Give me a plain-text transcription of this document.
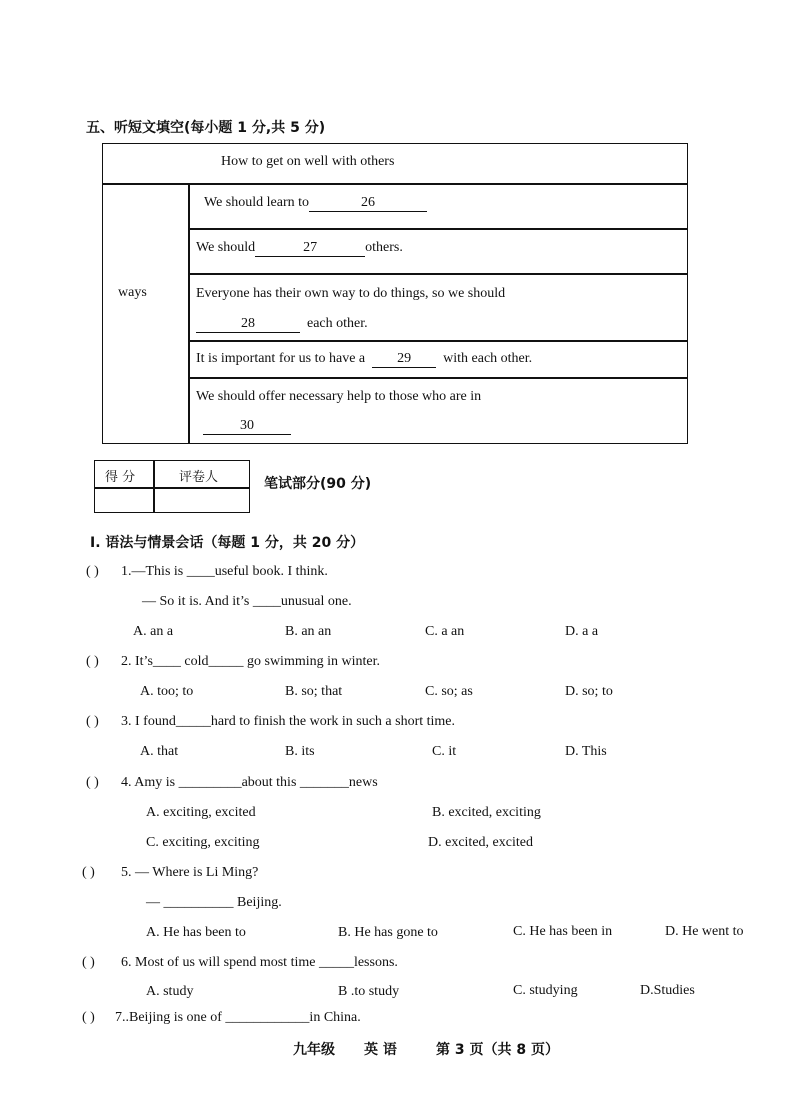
五、听短文填空(每小题 1 分,共 5 分)
How to get on well with others
ways
We should learn to	26
We should	27	others.
Everyone has their own way to do things, so we should
28	each other.
It is important for us to have a 29 with each other.
We should offer necessary help to those who are in
30
得 分	评卷人	笔试部分(90 分)
Ⅰ. 语法与情景会话（每题 1 分，共 20 分）
( ) 1.—This is ____useful book. I think.
— So it is. And it’s ____unusual one.
A. an a	B. an an	C. a an	D. a a
( ) 2. It’s____ cold_____ go swimming in winter.
A. too; to	B. so; that	C. so; as	D. so; to
( ) 3. I found_____hard to finish the work in such a short time.
A. that	B. its	C. it	D. This
( ) 4. Amy is _________about this _______news
A. exciting, excited	B. excited, exciting
C. exciting, exciting	D. excited, excited
( ) 5. — Where is Li Ming?
— __________ Beijing.
A. He has been to	B. He has gone to	C. He has been in	D. He went to
( ) 6. Most of us will spend most time _____lessons.
A. study	B .to study	C. studying	D.Studies
( ) 7..Beijing is one of ____________in China.
九年级 英 语	第 3 页（共 8 页）
